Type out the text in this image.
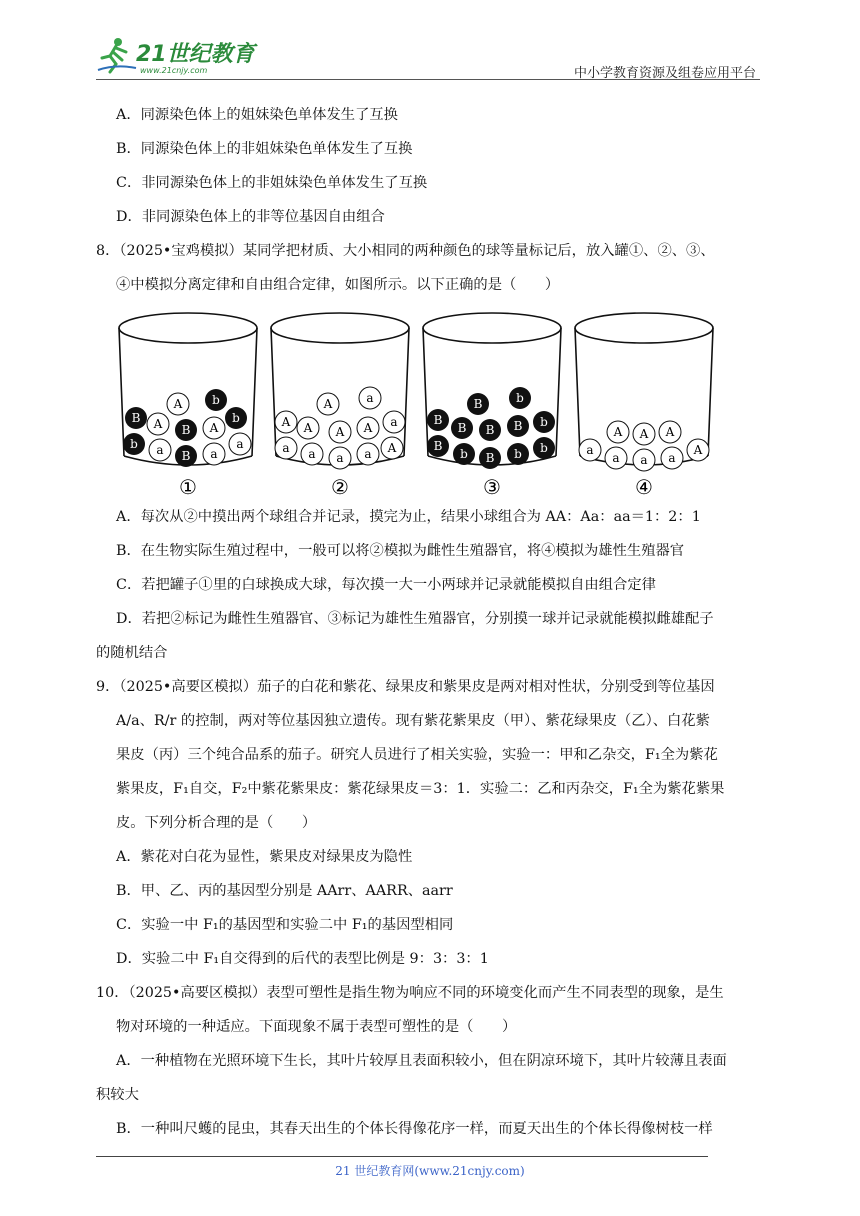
21世纪教育
www.21cnjy.com	中小学教育资源及组卷应用平台
A．同源染色体上的姐妹染色单体发生了互换
B．同源染色体上的非姐妹染色单体发生了互换
C．非同源染色体上的非姐妹染色单体发生了互换
D．非同源染色体上的非等位基因自由组合
8．（2025•宝鸡模拟）某同学把材质、大小相同的两种颜色的球等量标记后，放入罐①、②、③、
④中模拟分离定律和自由组合定律，如图所示。以下正确的是（　　）
A b
B A	b
B A
b a B a
a
①
A	a
A A A A a
a a a a A
②
B	b
B
B B B b
B
b B b b
③
A A A
a
a a a
A
④
A．每次从②中摸出两个球组合并记录，摸完为止，结果小球组合为 AA：Aa：aa＝1：2：1
B．在生物实际生殖过程中，一般可以将②模拟为雌性生殖器官，将④模拟为雄性生殖器官
C．若把罐子①里的白球换成大球，每次摸一大一小两球并记录就能模拟自由组合定律
D．若把②标记为雌性生殖器官、③标记为雄性生殖器官，分别摸一球并记录就能模拟雌雄配子
的随机结合
9．（2025•高要区模拟）茄子的白花和紫花、绿果皮和紫果皮是两对相对性状，分别受到等位基因
A/a、R/r 的控制，两对等位基因独立遗传。现有紫花紫果皮（甲）、紫花绿果皮（乙）、白花紫
果皮（丙）三个纯合品系的茄子。研究人员进行了相关实验，实验一：甲和乙杂交，F₁全为紫花
紫果皮，F₁自交，F₂中紫花紫果皮：紫花绿果皮＝3：1．实验二：乙和丙杂交，F₁全为紫花紫果
皮。下列分析合理的是（　　）
A．紫花对白花为显性，紫果皮对绿果皮为隐性
B．甲、乙、丙的基因型分别是 AArr、AARR、aarr
C．实验一中 F₁的基因型和实验二中 F₁的基因型相同
D．实验二中 F₁自交得到的后代的表型比例是 9：3：3：1
10．（2025•高要区模拟）表型可塑性是指生物为响应不同的环境变化而产生不同表型的现象，是生
物对环境的一种适应。下面现象不属于表型可塑性的是（　　）
A．一种植物在光照环境下生长，其叶片较厚且表面积较小，但在阴凉环境下，其叶片较薄且表面
积较大
B．一种叫尺蠖的昆虫，其春天出生的个体长得像花序一样，而夏天出生的个体长得像树枝一样
21 世纪教育网(www.21cnjy.com)
